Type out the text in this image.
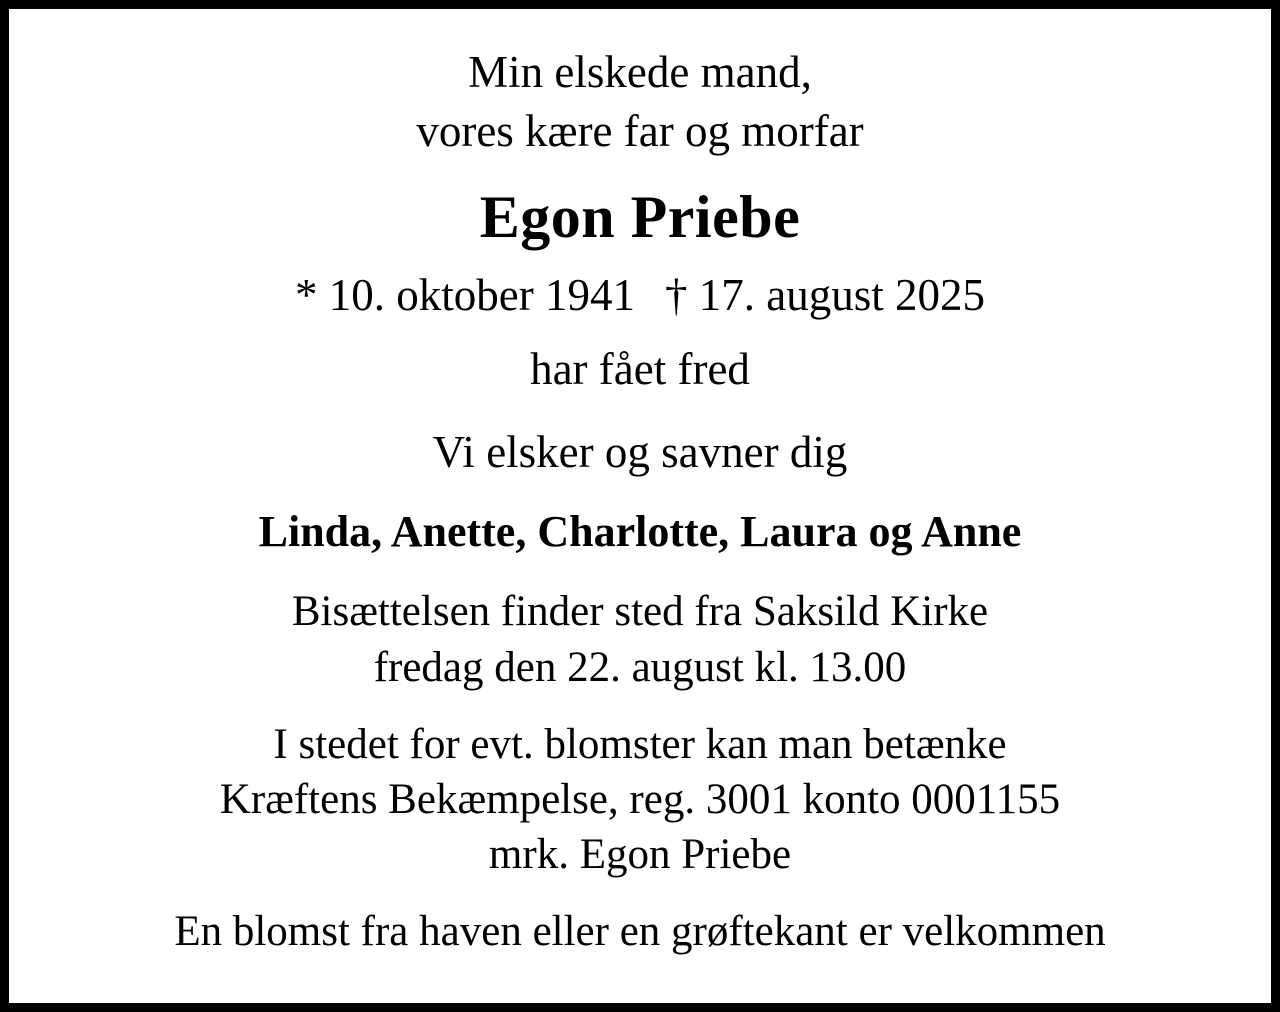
Min elskede mand,
vores kære far og morfar
Egon Priebe
* 10. oktober 1941 † 17. august 2025
har fået fred
Vi elsker og savner dig
Linda, Anette, Charlotte, Laura og Anne
Bisættelsen finder sted fra Saksild Kirke
fredag den 22. august kl. 13.00
I stedet for evt. blomster kan man betænke
Kræftens Bekæmpelse, reg. 3001 konto 0001155
mrk. Egon Priebe
En blomst fra haven eller en grøftekant er velkommen
